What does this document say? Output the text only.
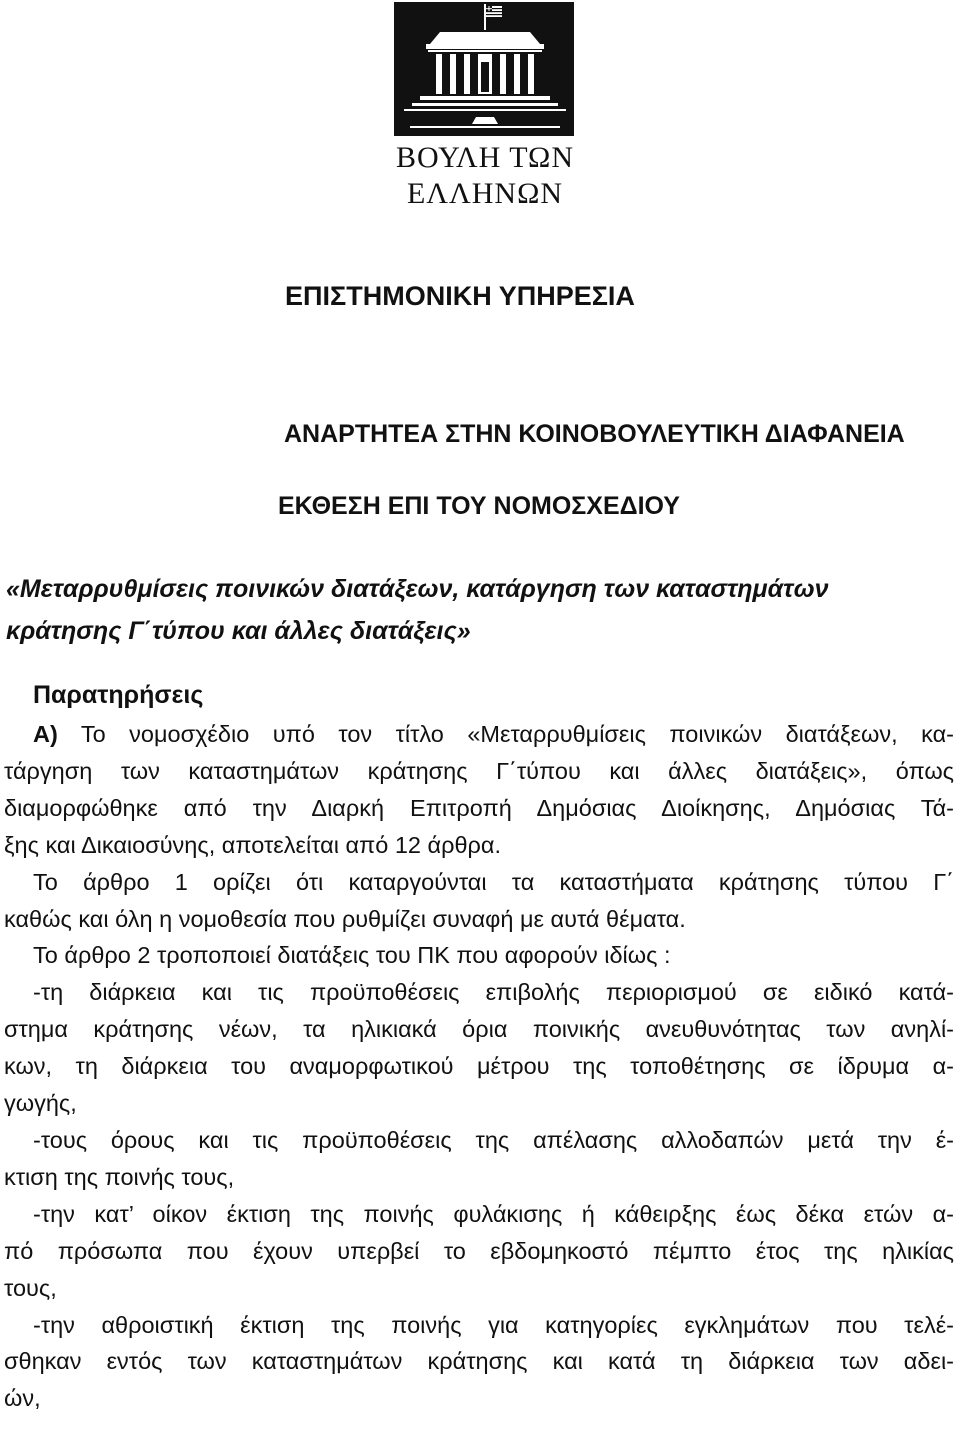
ΒΟΥΛΗ ΤΩΝ ΕΛΛΗΝΩΝ
ΕΠΙΣΤΗΜΟΝΙΚΗ ΥΠΗΡΕΣΙΑ
ΑΝΑΡΤΗΤΕΑ ΣΤΗΝ ΚΟΙΝΟΒΟΥΛΕΥΤΙΚΗ ΔΙΑΦΑΝΕΙΑ
ΕΚΘΕΣΗ ΕΠΙ ΤΟΥ ΝΟΜΟΣΧΕΔΙΟΥ
«Μεταρρυθμίσεις ποινικών διατάξεων, κατάργηση των καταστημάτων
κράτησης Γ΄τύπου και άλλες διατάξεις»
Παρατηρήσεις
Α) Το νομοσχέδιο υπό τον τίτλο «Μεταρρυθμίσεις ποινικών διατάξεων, κα-
τάργηση των καταστημάτων κράτησης Γ΄τύπου και άλλες διατάξεις», όπως
διαμορφώθηκε από την Διαρκή Επιτροπή Δημόσιας Διοίκησης, Δημόσιας Τά-
ξης και Δικαιοσύνης, αποτελείται από 12 άρθρα.
Το άρθρο 1 ορίζει ότι καταργούνται τα καταστήματα κράτησης τύπου Γ΄
καθώς και όλη η νομοθεσία που ρυθμίζει συναφή με αυτά θέματα.
Το άρθρο 2 τροποποιεί διατάξεις του ΠΚ που αφορούν ιδίως :
-τη διάρκεια και τις προϋποθέσεις επιβολής περιορισμού σε ειδικό κατά-
στημα κράτησης νέων, τα ηλικιακά όρια ποινικής ανευθυνότητας των ανηλί-
κων, τη διάρκεια του αναμορφωτικού μέτρου της τοποθέτησης σε ίδρυμα α-
γωγής,
-τους όρους και τις προϋποθέσεις της απέλασης αλλοδαπών μετά την έ-
κτιση της ποινής τους,
-την κατ’ οίκον έκτιση της ποινής φυλάκισης ή κάθειρξης έως δέκα ετών α-
πό πρόσωπα που έχουν υπερβεί το εβδομηκοστό πέμπτο έτος της ηλικίας
τους,
-την αθροιστική έκτιση της ποινής για κατηγορίες εγκλημάτων που τελέ-
σθηκαν εντός των καταστημάτων κράτησης και κατά τη διάρκεια των αδει-
ών,
